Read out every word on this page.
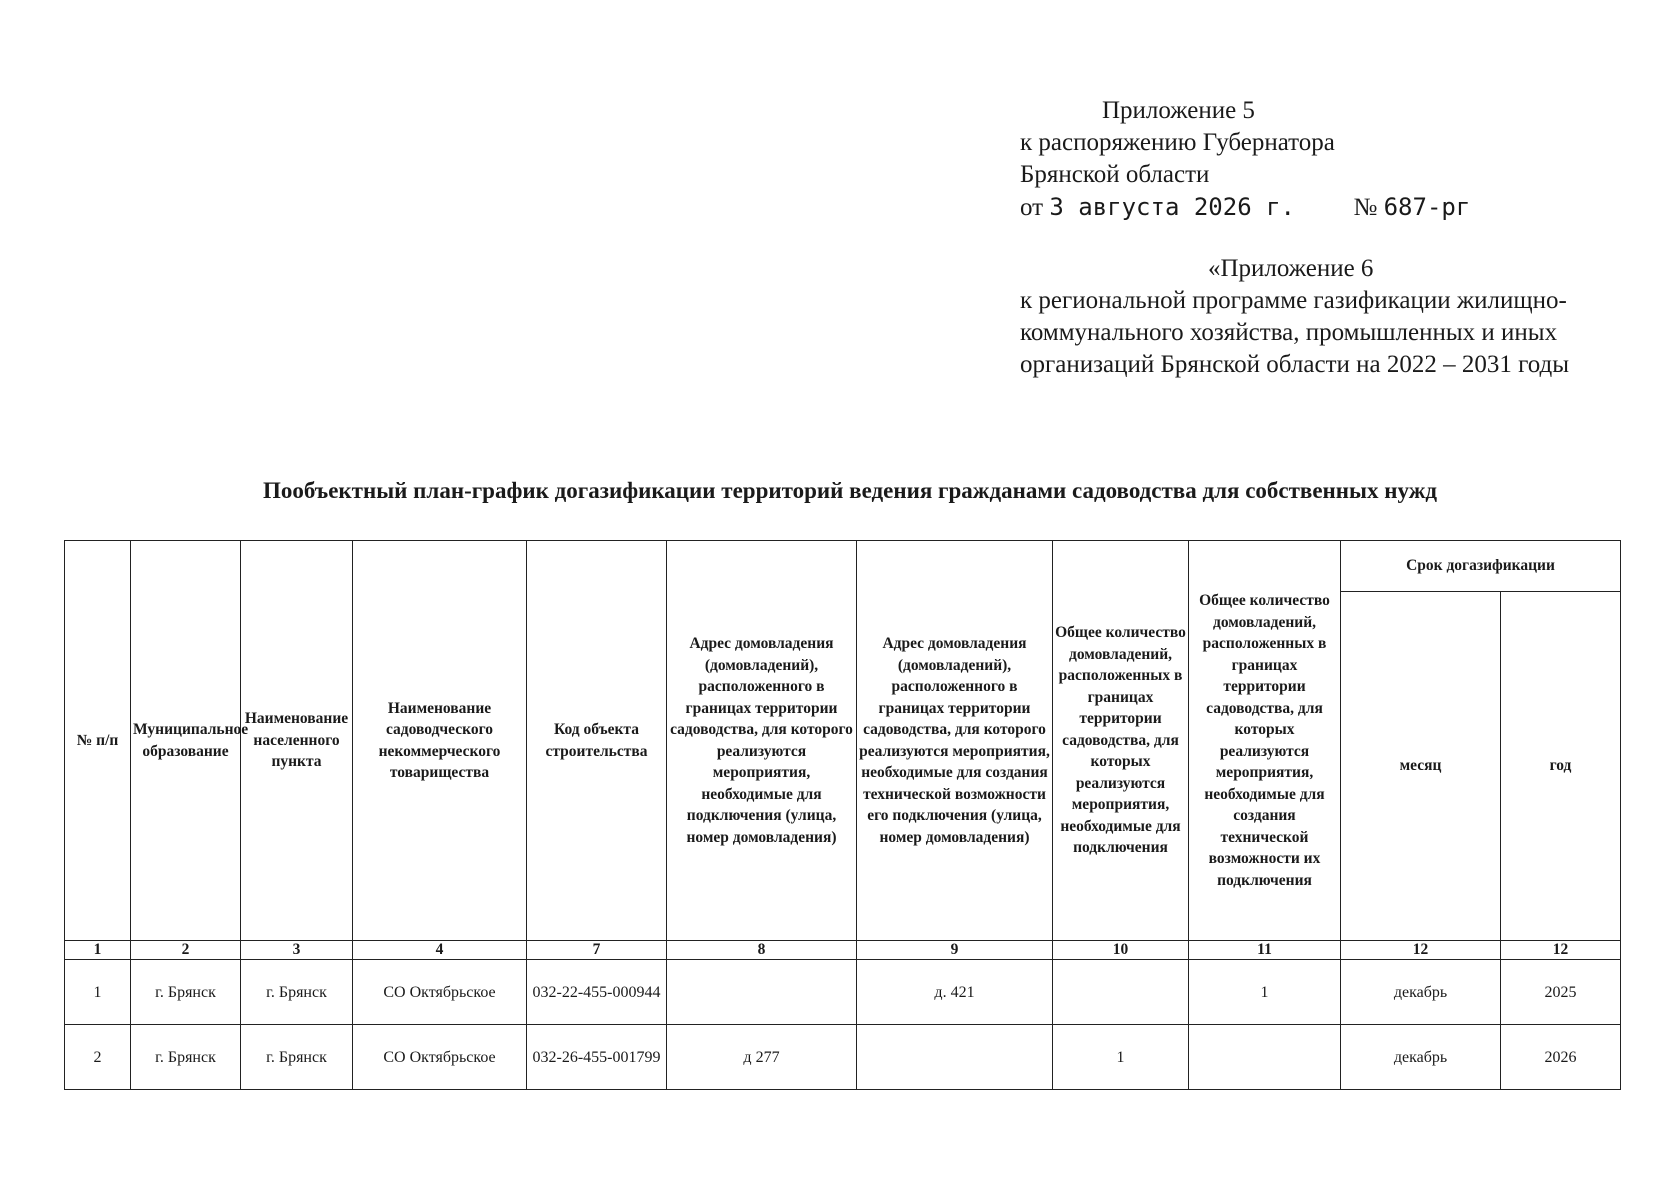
Приложение 5
к распоряжению Губернатора
Брянской области
от 3 августа 2026 г. № 687-рг
«Приложение 6
к региональной программе газификации жилищно-
коммунального хозяйства, промышленных и иных
организаций Брянской области на 2022 – 2031 годы
Пообъектный план-график догазификации территорий ведения гражданами садоводства для собственных нужд
№ п/п	Муниципальное образование	Наименование населенного пункта	Наименование садоводческого некоммерческого товарищества	Код объекта строительства	Адрес домовладения (домовладений), расположенного в границах территории садоводства, для которого реализуются мероприятия, необходимые для подключения (улица, номер домовладения)	Адрес домовладения (домовладений), расположенного в границах территории садоводства, для которого реализуются мероприятия, необходимые для создания технической возможности его подключения (улица, номер домовладения)	Общее количество домовладений, расположенных в границах территории садоводства, для которых реализуются мероприятия, необходимые для подключения	Общее количество домовладений, расположенных в границах территории садоводства, для которых реализуются мероприятия, необходимые для создания технической возможности их подключения	Срок догазификации	
									месяц	год
1	2	3	4	7	8	9	10	11	12	12
1	г. Брянск	г. Брянск	СО Октябрьское	032-22-455-000944		д. 421		1	декабрь	2025
2	г. Брянск	г. Брянск	СО Октябрьское	032-26-455-001799	д 277		1		декабрь	2026
